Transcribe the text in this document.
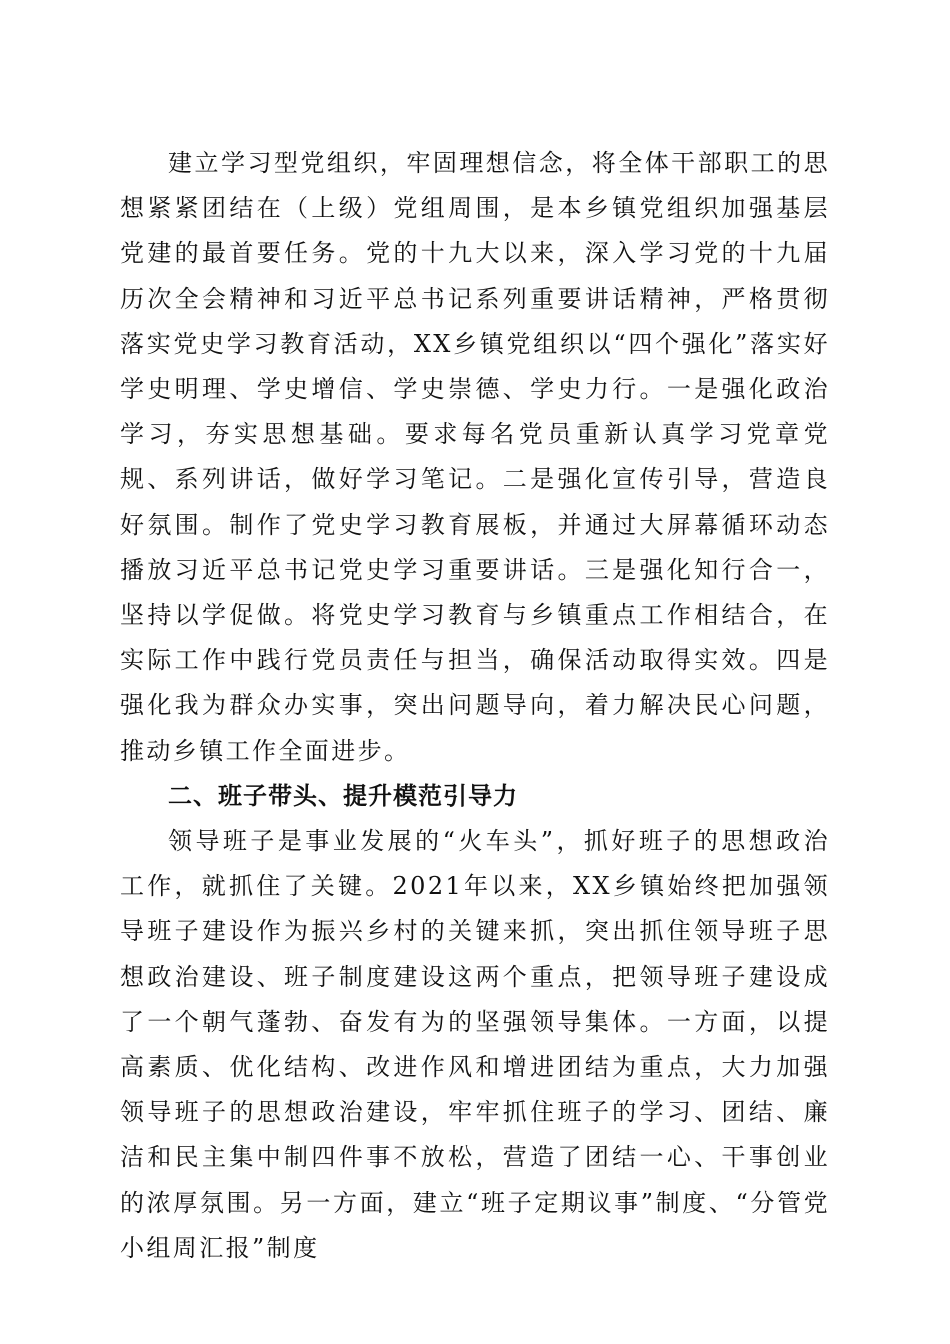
建立学习型党组织，牢固理想信念，将全体干部职工的思想紧紧团结在（上级）党组周围，是本乡镇党组织加强基层党建的最首要任务。党的十九大以来，深入学习党的十九届历次全会精神和习近平总书记系列重要讲话精神，严格贯彻落实党史学习教育活动，XX乡镇党组织以“四个强化”落实好学史明理、学史增信、学史崇德、学史力行。一是强化政治学习，夯实思想基础。要求每名党员重新认真学习党章党规、系列讲话，做好学习笔记。二是强化宣传引导，营造良好氛围。制作了党史学习教育展板，并通过大屏幕循环动态播放习近平总书记党史学习重要讲话。三是强化知行合一，坚持以学促做。将党史学习教育与乡镇重点工作相结合，在实际工作中践行党员责任与担当，确保活动取得实效。四是强化我为群众办实事，突出问题导向，着力解决民心问题，推动乡镇工作全面进步。

二、班子带头、提升模范引导力

领导班子是事业发展的“火车头”，抓好班子的思想政治工作，就抓住了关键。2021年以来，XX乡镇始终把加强领导班子建设作为振兴乡村的关键来抓，突出抓住领导班子思想政治建设、班子制度建设这两个重点，把领导班子建设成了一个朝气蓬勃、奋发有为的坚强领导集体。一方面，以提高素质、优化结构、改进作风和增进团结为重点，大力加强领导班子的思想政治建设，牢牢抓住班子的学习、团结、廉洁和民主集中制四件事不放松，营造了团结一心、干事创业的浓厚氛围。另一方面，建立“班子定期议事”制度、“分管党小组周汇报”制度
